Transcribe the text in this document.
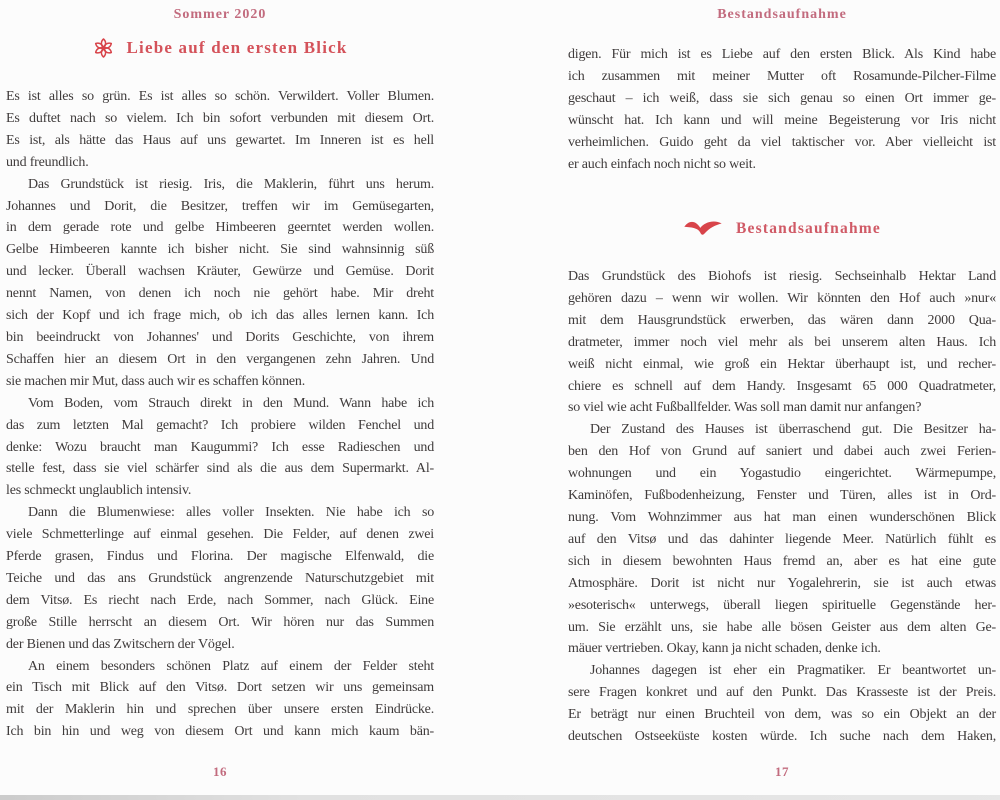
Sommer 2020
Liebe auf den ersten Blick

Es ist alles so grün. Es ist alles so schön. Verwildert. Voller Blumen.
Es duftet nach so vielem. Ich bin sofort verbunden mit diesem Ort.
Es ist, als hätte das Haus auf uns gewartet. Im Inneren ist es hell
und freundlich.

Das Grundstück ist riesig. Iris, die Maklerin, führt uns herum.
Johannes und Dorit, die Besitzer, treffen wir im Gemüsegarten,
in dem gerade rote und gelbe Himbeeren geerntet werden wollen.
Gelbe Himbeeren kannte ich bisher nicht. Sie sind wahnsinnig süß
und lecker. Überall wachsen Kräuter, Gewürze und Gemüse. Dorit
nennt Namen, von denen ich noch nie gehört habe. Mir dreht
sich der Kopf und ich frage mich, ob ich das alles lernen kann. Ich
bin beeindruckt von Johannes' und Dorits Geschichte, von ihrem
Schaffen hier an diesem Ort in den vergangenen zehn Jahren. Und
sie machen mir Mut, dass auch wir es schaffen können.

Vom Boden, vom Strauch direkt in den Mund. Wann habe ich
das zum letzten Mal gemacht? Ich probiere wilden Fenchel und
denke: Wozu braucht man Kaugummi? Ich esse Radieschen und
stelle fest, dass sie viel schärfer sind als die aus dem Supermarkt. Al-
les schmeckt unglaublich intensiv.

Dann die Blumenwiese: alles voller Insekten. Nie habe ich so
viele Schmetterlinge auf einmal gesehen. Die Felder, auf denen zwei
Pferde grasen, Findus und Florina. Der magische Elfenwald, die
Teiche und das ans Grundstück angrenzende Naturschutzgebiet mit
dem Vitsø. Es riecht nach Erde, nach Sommer, nach Glück. Eine
große Stille herrscht an diesem Ort. Wir hören nur das Summen
der Bienen und das Zwitschern der Vögel.

An einem besonders schönen Platz auf einem der Felder steht
ein Tisch mit Blick auf den Vitsø. Dort setzen wir uns gemeinsam
mit der Maklerin hin und sprechen über unsere ersten Eindrücke.
Ich bin hin und weg von diesem Ort und kann mich kaum bän-

16
Bestandsaufnahme

digen. Für mich ist es Liebe auf den ersten Blick. Als Kind habe
ich zusammen mit meiner Mutter oft Rosamunde-Pilcher-Filme
geschaut – ich weiß, dass sie sich genau so einen Ort immer ge-
wünscht hat. Ich kann und will meine Begeisterung vor Iris nicht
verheimlichen. Guido geht da viel taktischer vor. Aber vielleicht ist
er auch einfach noch nicht so weit.

Bestandsaufnahme

Das Grundstück des Biohofs ist riesig. Sechseinhalb Hektar Land
gehören dazu – wenn wir wollen. Wir könnten den Hof auch »nur«
mit dem Hausgrundstück erwerben, das wären dann 2000 Qua-
dratmeter, immer noch viel mehr als bei unserem alten Haus. Ich
weiß nicht einmal, wie groß ein Hektar überhaupt ist, und recher-
chiere es schnell auf dem Handy. Insgesamt 65 000 Quadratmeter,
so viel wie acht Fußballfelder. Was soll man damit nur anfangen?

Der Zustand des Hauses ist überraschend gut. Die Besitzer ha-
ben den Hof von Grund auf saniert und dabei auch zwei Ferien-
wohnungen und ein Yogastudio eingerichtet. Wärmepumpe,
Kaminöfen, Fußbodenheizung, Fenster und Türen, alles ist in Ord-
nung. Vom Wohnzimmer aus hat man einen wunderschönen Blick
auf den Vitsø und das dahinter liegende Meer. Natürlich fühlt es
sich in diesem bewohnten Haus fremd an, aber es hat eine gute
Atmosphäre. Dorit ist nicht nur Yogalehrerin, sie ist auch etwas
»esoterisch« unterwegs, überall liegen spirituelle Gegenstände her-
um. Sie erzählt uns, sie habe alle bösen Geister aus dem alten Ge-
mäuer vertrieben. Okay, kann ja nicht schaden, denke ich.

Johannes dagegen ist eher ein Pragmatiker. Er beantwortet un-
sere Fragen konkret und auf den Punkt. Das Krasseste ist der Preis.
Er beträgt nur einen Bruchteil von dem, was so ein Objekt an der
deutschen Ostseeküste kosten würde. Ich suche nach dem Haken,

17
